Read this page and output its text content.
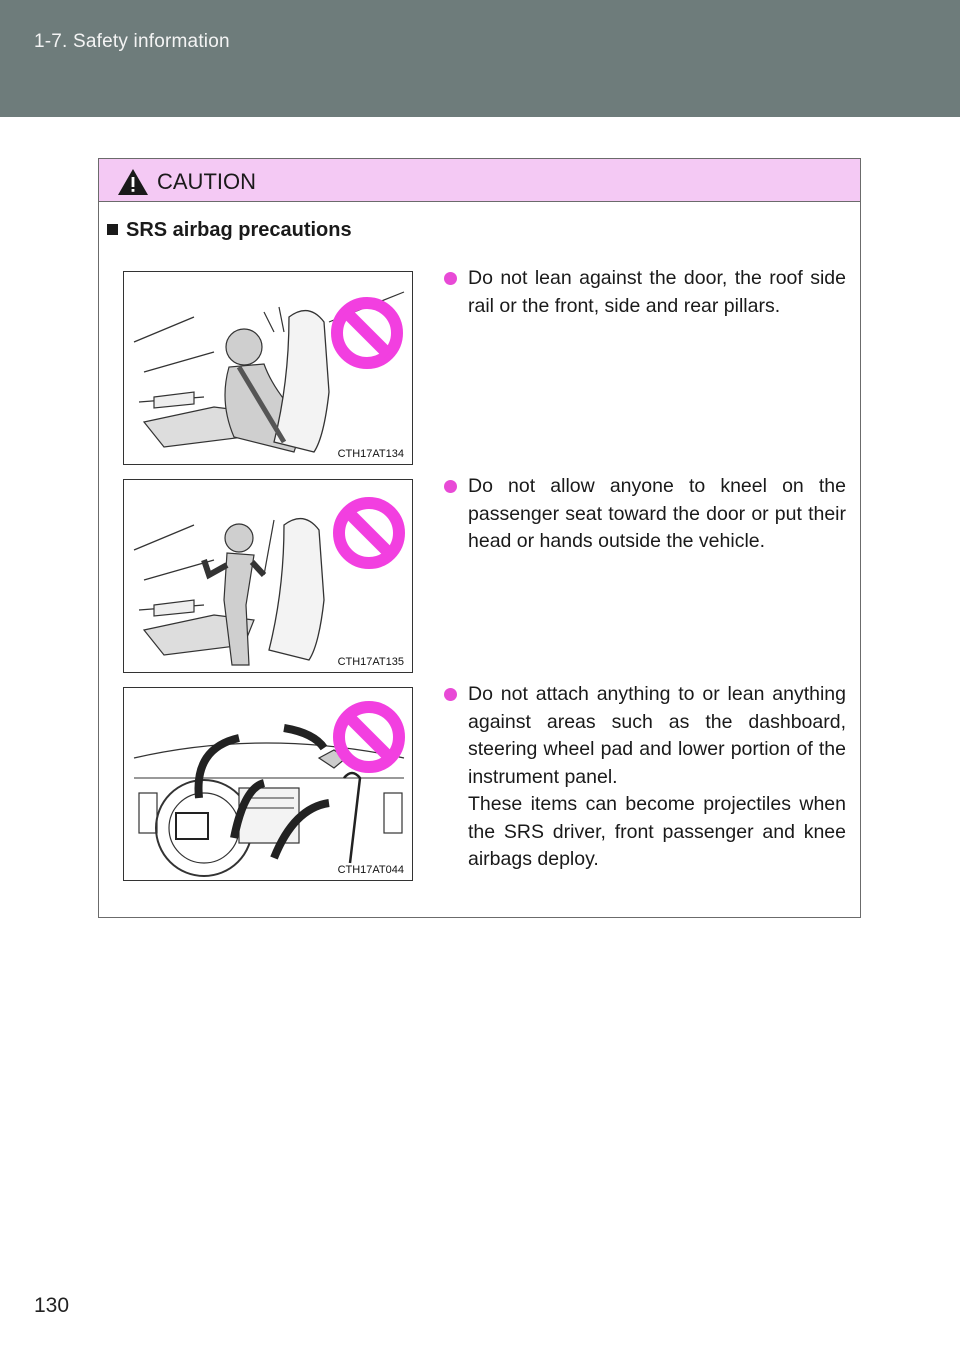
1-7. Safety information
CAUTION
SRS airbag precautions
CTH17AT134
Do not lean against the door, the roof side rail or the front, side and rear pillars.
CTH17AT135
Do not allow anyone to kneel on the passenger seat toward the door or put their head or hands outside the vehicle.
CTH17AT044
Do not attach anything to or lean anything against areas such as the dashboard, steering wheel pad and lower portion of the instrument panel.
These items can become projectiles when the SRS driver, front passenger and knee airbags deploy.
130
